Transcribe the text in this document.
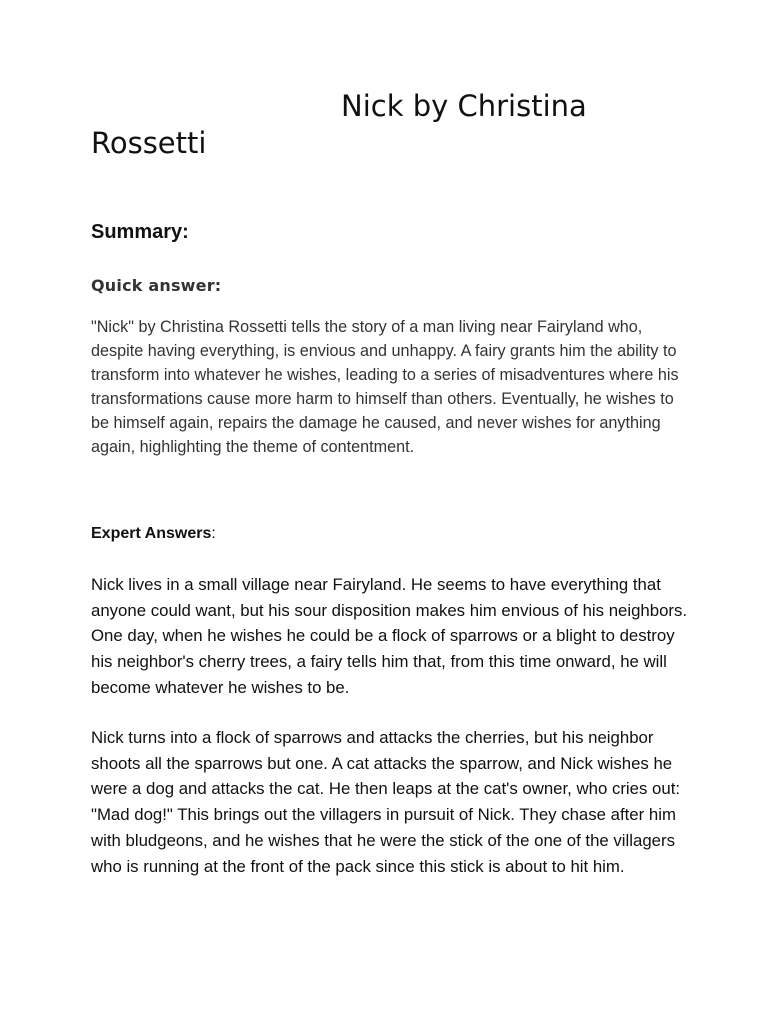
Nick by Christina Rossetti
Summary:
Quick answer:

"Nick" by Christina Rossetti tells the story of a man living near Fairyland who, despite having everything, is envious and unhappy. A fairy grants him the ability to transform into whatever he wishes, leading to a series of misadventures where his transformations cause more harm to himself than others. Eventually, he wishes to be himself again, repairs the damage he caused, and never wishes for anything again, highlighting the theme of contentment.

Expert Answers:

Nick lives in a small village near Fairyland. He seems to have everything that anyone could want, but his sour disposition makes him envious of his neighbors. One day, when he wishes he could be a flock of sparrows or a blight to destroy his neighbor's cherry trees, a fairy tells him that, from this time onward, he will become whatever he wishes to be.

Nick turns into a flock of sparrows and attacks the cherries, but his neighbor shoots all the sparrows but one. A cat attacks the sparrow, and Nick wishes he were a dog and attacks the cat. He then leaps at the cat's owner, who cries out: "Mad dog!" This brings out the villagers in pursuit of Nick. They chase after him with bludgeons, and he wishes that he were the stick of the one of the villagers who is running at the front of the pack since this stick is about to hit him.
